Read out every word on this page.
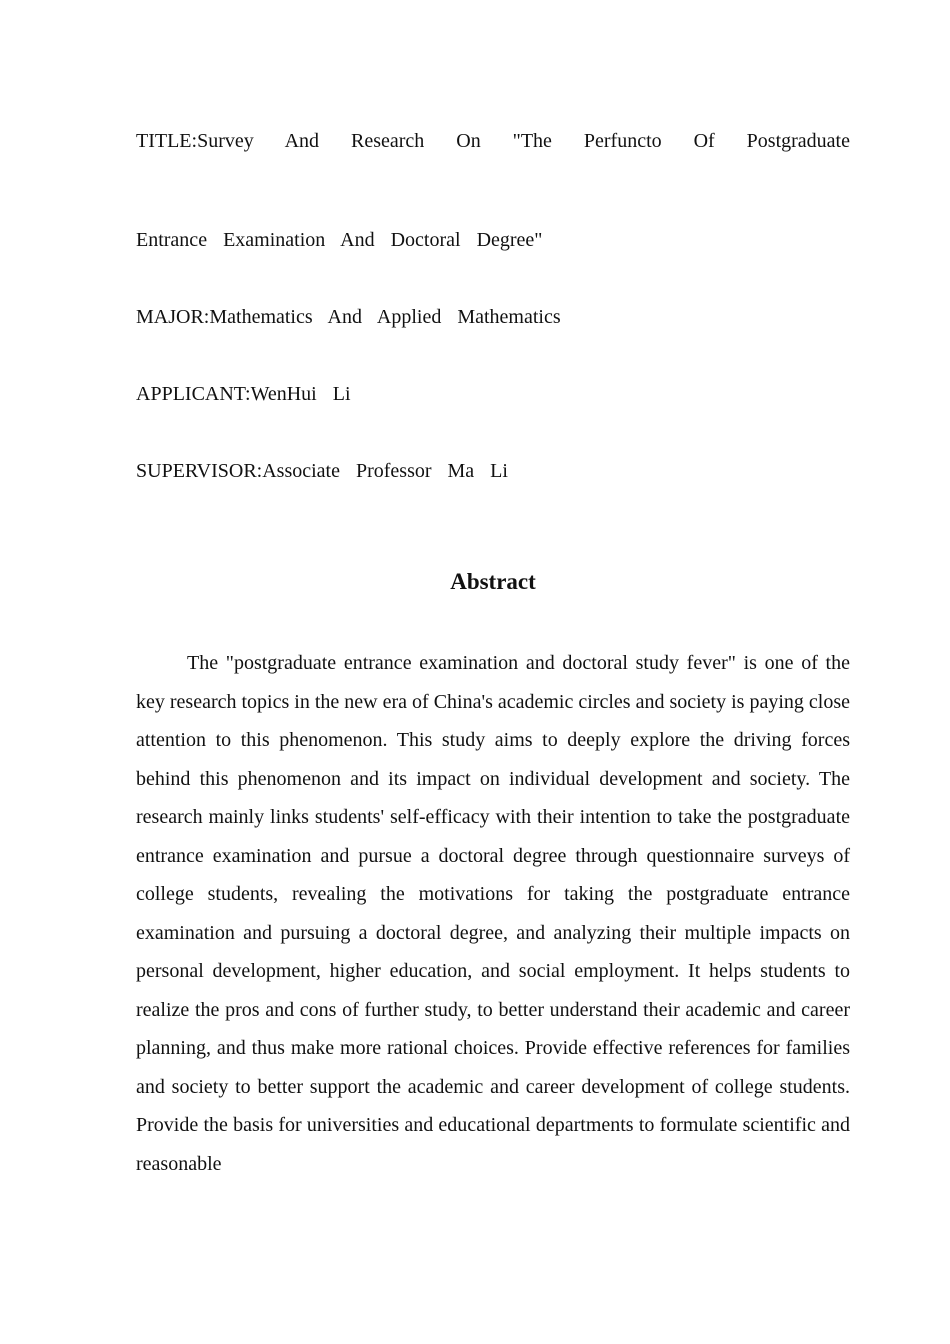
TITLE:Survey And Research On "The Perfuncto Of Postgraduate
Entrance  Examination  And  Doctoral  Degree"
MAJOR:Mathematics  And  Applied  Mathematics
APPLICANT:WenHui  Li
SUPERVISOR:Associate  Professor  Ma  Li
Abstract

The "postgraduate entrance examination and doctoral study fever" is one of the key research topics in the new era of China's academic circles and society is paying close attention to this phenomenon. This study aims to deeply explore the driving forces behind this phenomenon and its impact on individual development and society. The research mainly links students' self-efficacy with their intention to take the postgraduate entrance examination and pursue a doctoral degree through questionnaire surveys of college students, revealing the motivations for taking the postgraduate entrance examination and pursuing a doctoral degree, and analyzing their multiple impacts on personal development, higher education, and social employment. It helps students to realize the pros and cons of further study, to better understand their academic and career planning, and thus make more rational choices. Provide effective references for families and society to better support the academic and career development of college students. Provide the basis for universities and educational departments to formulate scientific and reasonable
